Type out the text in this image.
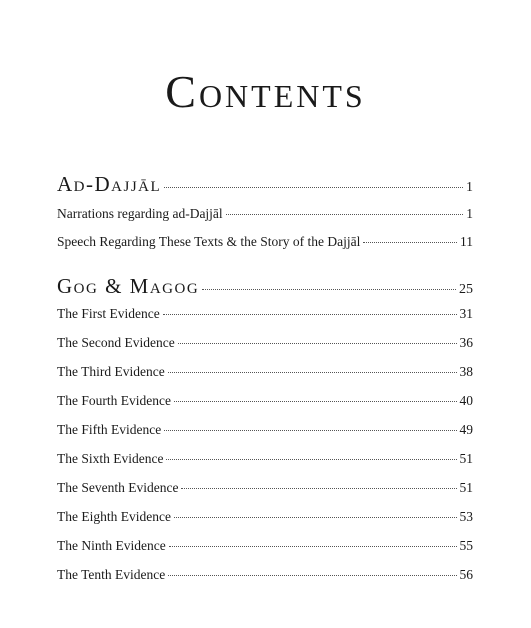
Contents
Ad-Dajjāl	1
Narrations regarding ad-Dajjāl	1
Speech Regarding These Texts & the Story of the Dajjāl	11
Gog & Magog	25
The First Evidence	31
The Second Evidence	36
The Third Evidence	38
The Fourth Evidence	40
The Fifth Evidence	49
The Sixth Evidence	51
The Seventh Evidence	51
The Eighth Evidence	53
The Ninth Evidence	55
The Tenth Evidence	56
